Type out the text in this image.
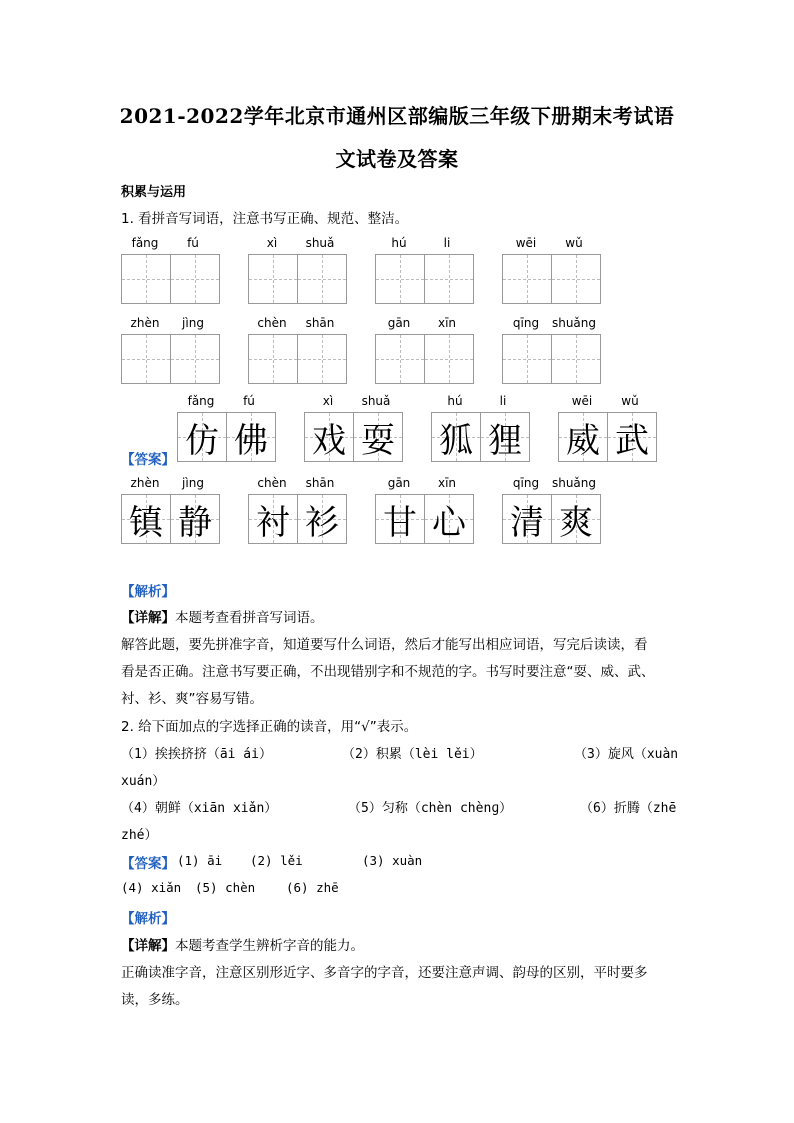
2021-2022学年北京市通州区部编版三年级下册期末考试语
文试卷及答案
积累与运用
1. 看拼音写词语，注意书写正确、规范、整洁。
fǎng	fú	xì	shuǎ	hú	li	wēi	wǔ
zhèn	jìng	chèn	shān	gān	xīn	qīng	shuǎng
【答案】
fǎng	fú
仿 佛
xì	shuǎ
戏 耍
hú	li
狐 狸
wēi	wǔ
威 武
zhèn	jìng
镇 静
chèn	shān
衬 衫
gān	xīn
甘 心
qīng	shuǎng
清 爽
【解析】
【详解】本题考查看拼音写词语。
解答此题，要先拼准字音，知道要写什么词语，然后才能写出相应词语，写完后读读，看
看是否正确。注意书写要正确，不出现错别字和不规范的字。书写时要注意“耍、威、武、
衬、衫、爽”容易写错。
2. 给下面加点的字选择正确的读音，用“√”表示。
（1）挨挨挤挤（āi ái）	（2）积累（lèi lěi）	（3）旋风（xuàn
xuán）
（4）朝鲜（xiān xiǎn）	（5）匀称（chèn chènɡ）	（6）折腾（zhē
zhé）
【答案】 (1) āi (2) lěi	(3) xuàn
(4) xiǎn (5) chèn (6) zhē
【解析】
【详解】本题考查学生辨析字音的能力。
正确读准字音，注意区别形近字、多音字的字音，还要注意声调、韵母的区别，平时要多
读，多练。
